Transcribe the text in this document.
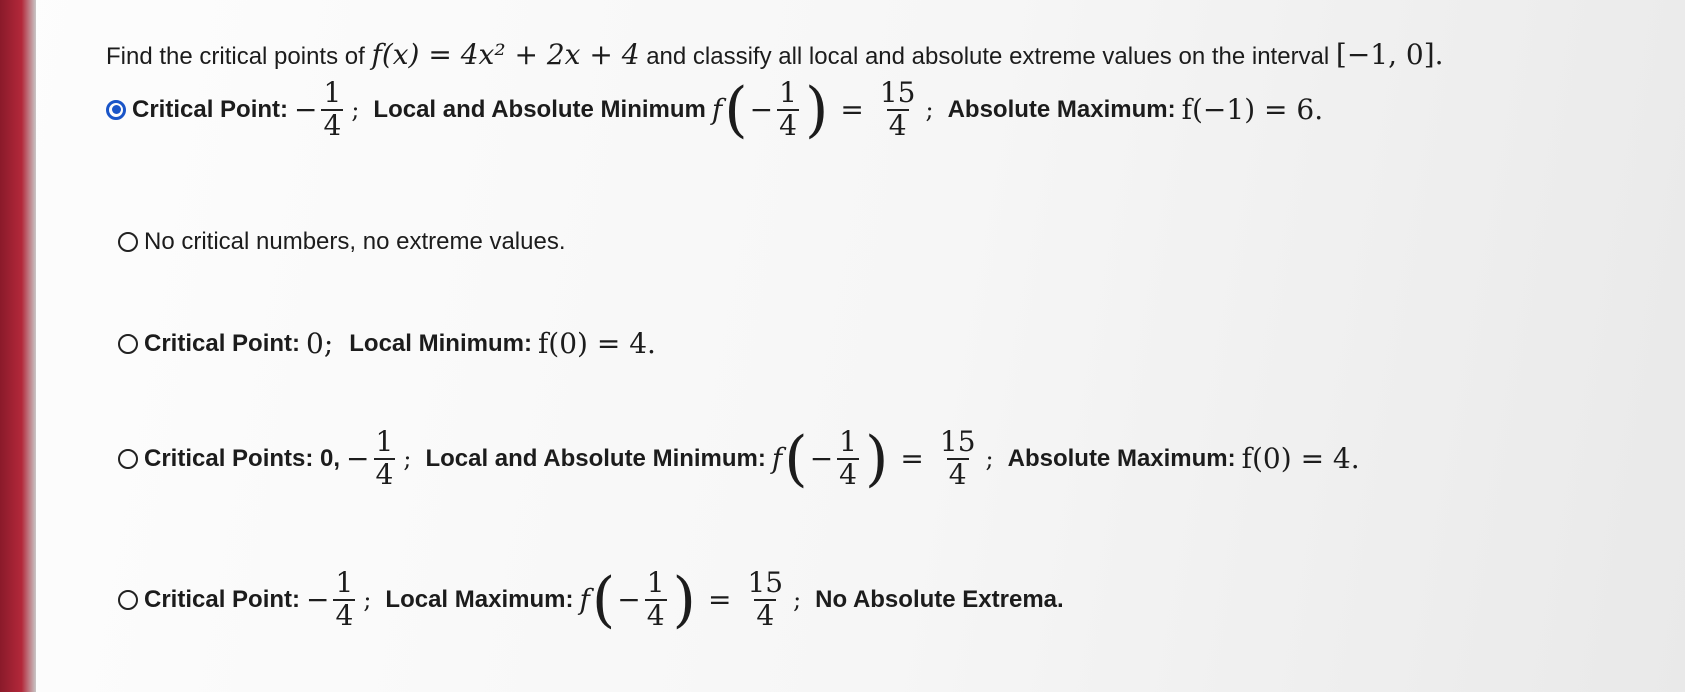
Find the critical points of f(x) = 4x² + 2x + 4 and classify all local and absolute extreme values on the interval [−1, 0].
Critical Point: − $\frac{1}{4}$ ; Local and Absolute Minimum f ( − $\frac{1}{4}$ ) = $\frac{15}{4}$ ; Absolute Maximum: f(−1) = 6.
No critical numbers, no extreme values.
Critical Point: 0; Local Minimum: f(0) = 4.
Critical Points: 0, − $\frac{1}{4}$ ; Local and Absolute Minimum: f ( − $\frac{1}{4}$ ) = $\frac{15}{4}$ ; Absolute Maximum: f(0) = 4.
Critical Point: − $\frac{1}{4}$ ; Local Maximum: f ( − $\frac{1}{4}$ ) = $\frac{15}{4}$ ; No Absolute Extrema.
